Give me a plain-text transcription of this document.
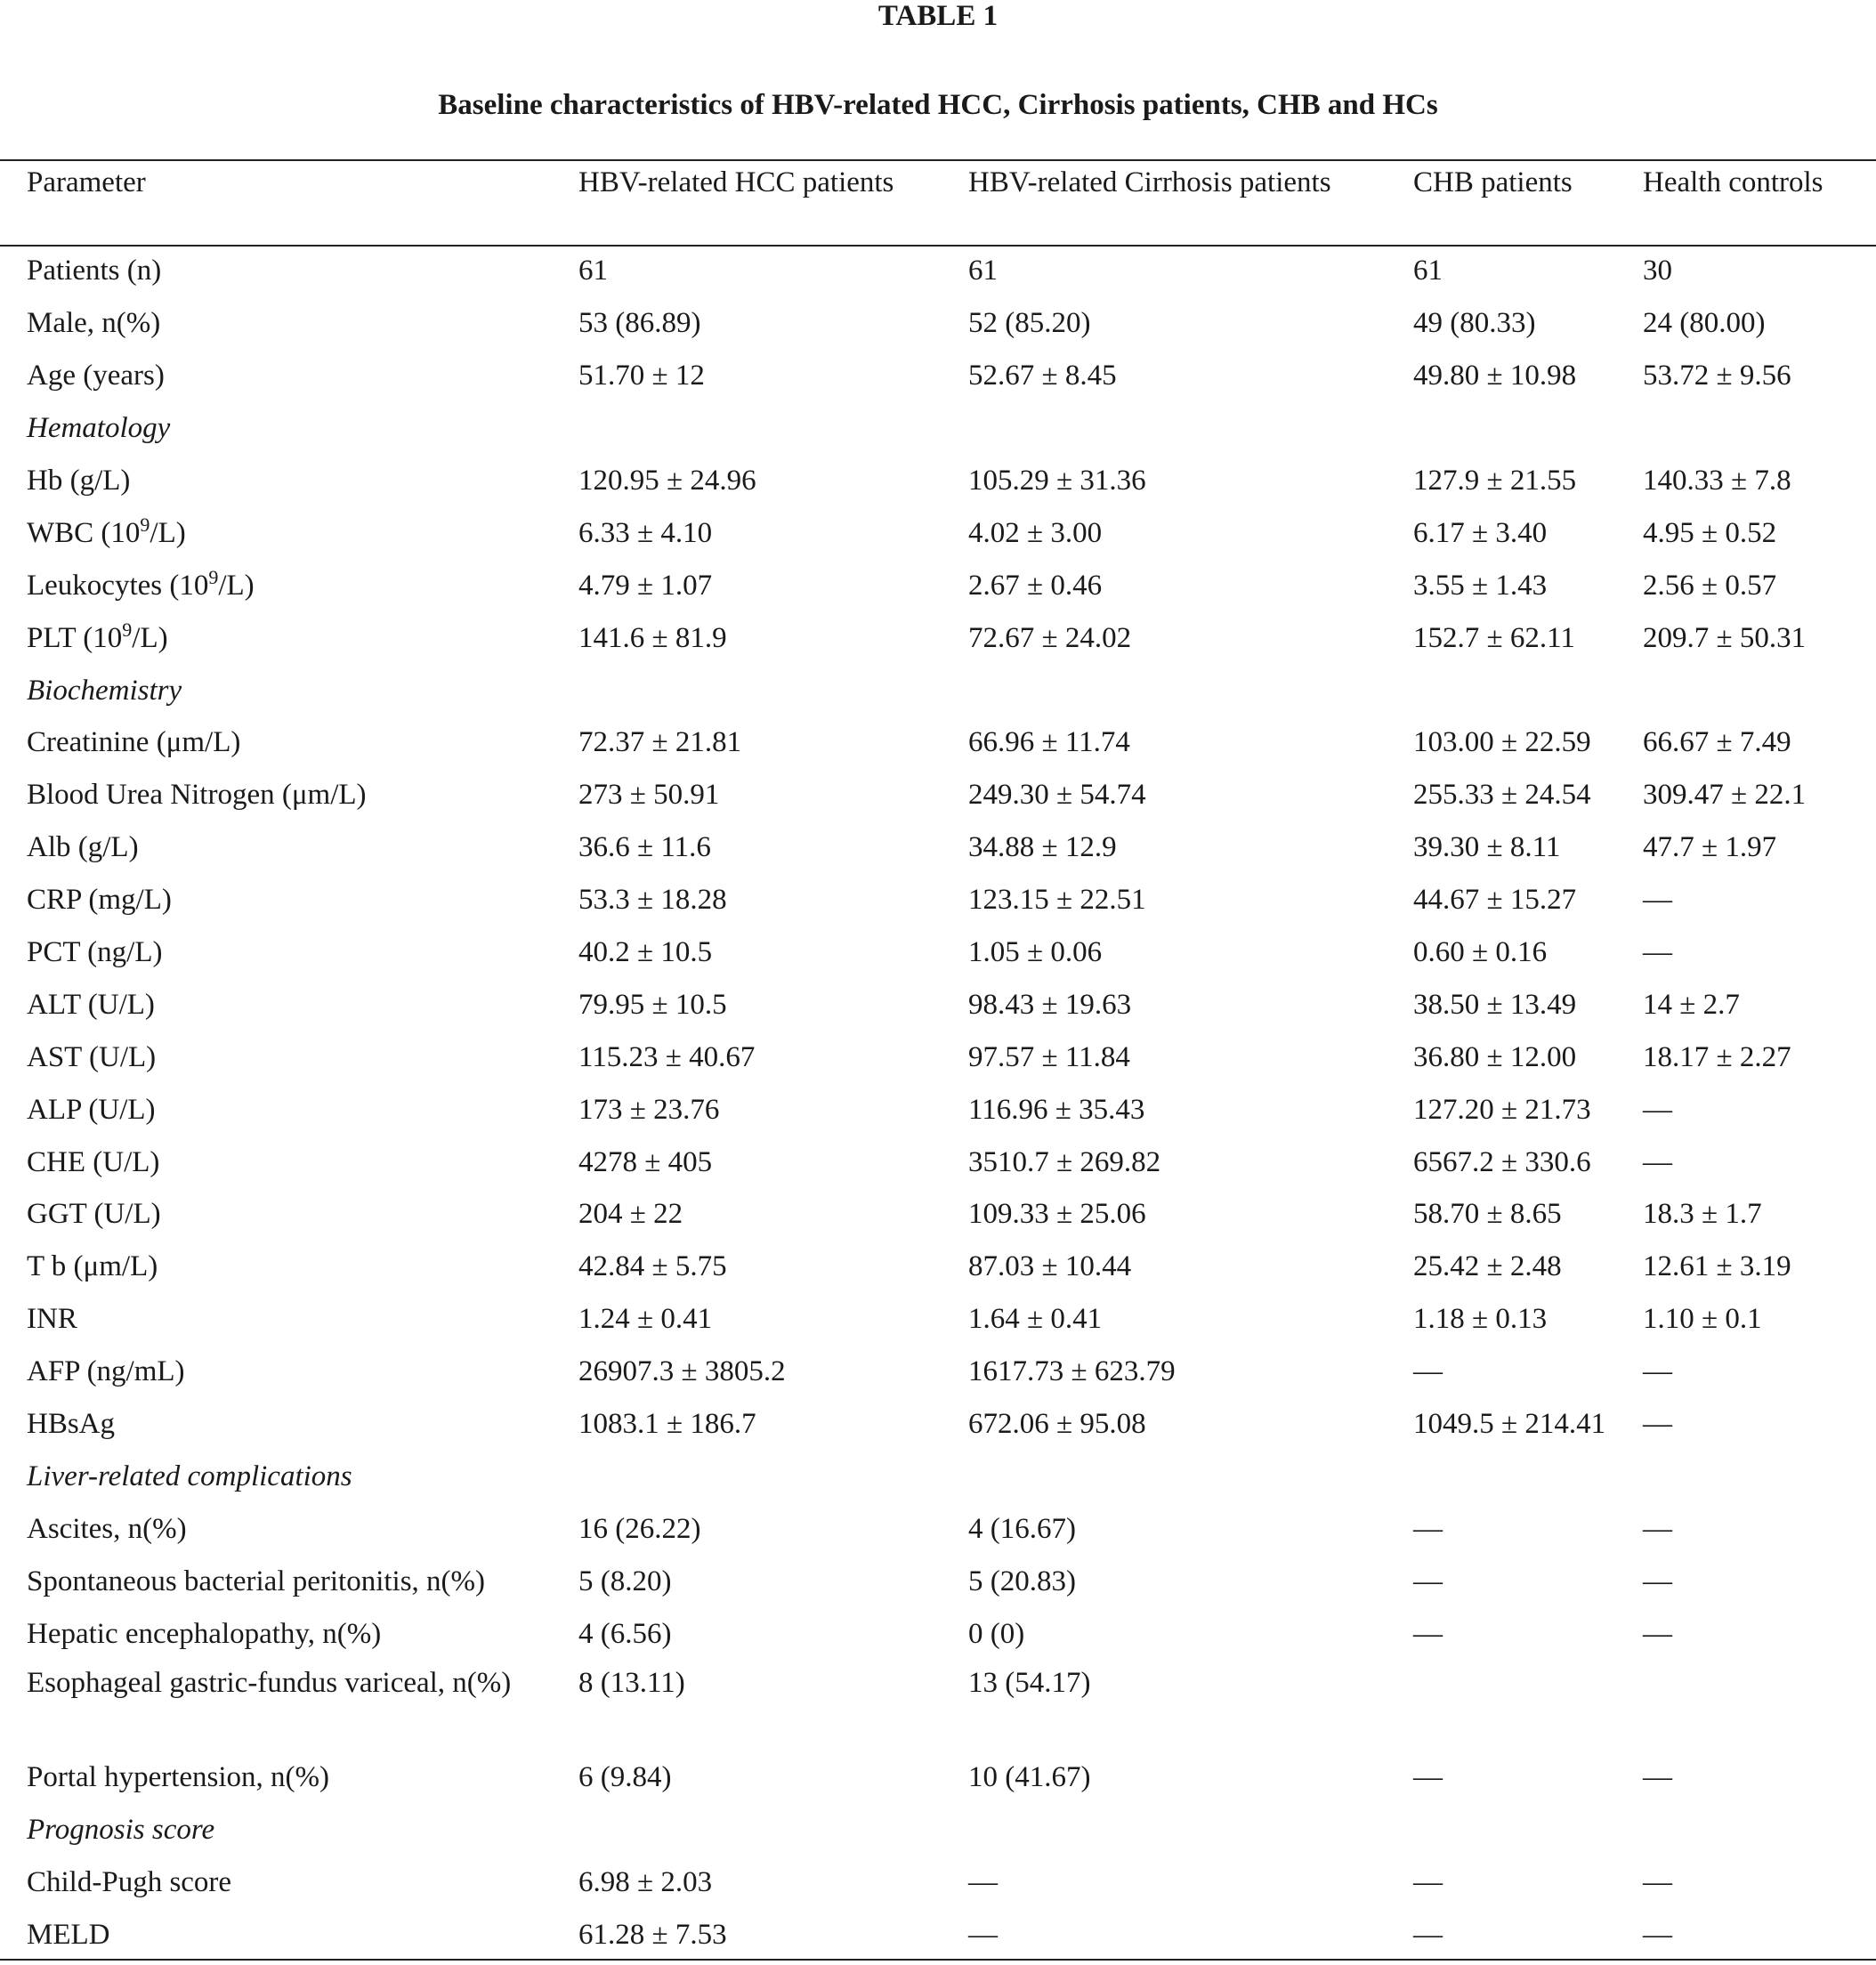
TABLE 1
Baseline characteristics of HBV-related HCC, Cirrhosis patients, CHB and HCs
Parameter	HBV-related HCC patients	HBV-related Cirrhosis patients	CHB patients	Health controls
Patients (n)	61	61	61	30
Male, n(%)	53 (86.89)	52 (85.20)	49 (80.33)	24 (80.00)
Age (years)	51.70 ± 12	52.67 ± 8.45	49.80 ± 10.98	53.72 ± 9.56
Hematology				
Hb (g/L)	120.95 ± 24.96	105.29 ± 31.36	127.9 ± 21.55	140.33 ± 7.8
WBC $(10^9/L)$	6.33 ± 4.10	4.02 ± 3.00	6.17 ± 3.40	4.95 ± 0.52
Leukocytes $(10^9/L)$	4.79 ± 1.07	2.67 ± 0.46	3.55 ± 1.43	2.56 ± 0.57
PLT $(10^9/L)$	141.6 ± 81.9	72.67 ± 24.02	152.7 ± 62.11	209.7 ± 50.31
Biochemistry				
Creatinine (μm/L)	72.37 ± 21.81	66.96 ± 11.74	103.00 ± 22.59	66.67 ± 7.49
Blood Urea Nitrogen (μm/L)	273 ± 50.91	249.30 ± 54.74	255.33 ± 24.54	309.47 ± 22.1
Alb (g/L)	36.6 ± 11.6	34.88 ± 12.9	39.30 ± 8.11	47.7 ± 1.97
CRP (mg/L)	53.3 ± 18.28	123.15 ± 22.51	44.67 ± 15.27	—
PCT (ng/L)	40.2 ± 10.5	1.05 ± 0.06	0.60 ± 0.16	—
ALT (U/L)	79.95 ± 10.5	98.43 ± 19.63	38.50 ± 13.49	14 ± 2.7
AST (U/L)	115.23 ± 40.67	97.57 ± 11.84	36.80 ± 12.00	18.17 ± 2.27
ALP (U/L)	173 ± 23.76	116.96 ± 35.43	127.20 ± 21.73	—
CHE (U/L)	4278 ± 405	3510.7 ± 269.82	6567.2 ± 330.6	—
GGT (U/L)	204 ± 22	109.33 ± 25.06	58.70 ± 8.65	18.3 ± 1.7
T b (μm/L)	42.84 ± 5.75	87.03 ± 10.44	25.42 ± 2.48	12.61 ± 3.19
INR	1.24 ± 0.41	1.64 ± 0.41	1.18 ± 0.13	1.10 ± 0.1
AFP (ng/mL)	26907.3 ± 3805.2	1617.73 ± 623.79	—	—
HBsAg	1083.1 ± 186.7	672.06 ± 95.08	1049.5 ± 214.41	—
Liver-related complications				
Ascites, n(%)	16 (26.22)	4 (16.67)	—	—
Spontaneous bacterial peritonitis, n(%)	5 (8.20)	5 (20.83)	—	—
Hepatic encephalopathy, n(%)	4 (6.56)	0 (0)	—	—
Esophageal gastric-fundus variceal, n(%)	8 (13.11)	13 (54.17)		
Portal hypertension, n(%)	6 (9.84)	10 (41.67)	—	—
Prognosis score				
Child-Pugh score	6.98 ± 2.03	—	—	—
MELD	61.28 ± 7.53	—	—	—
